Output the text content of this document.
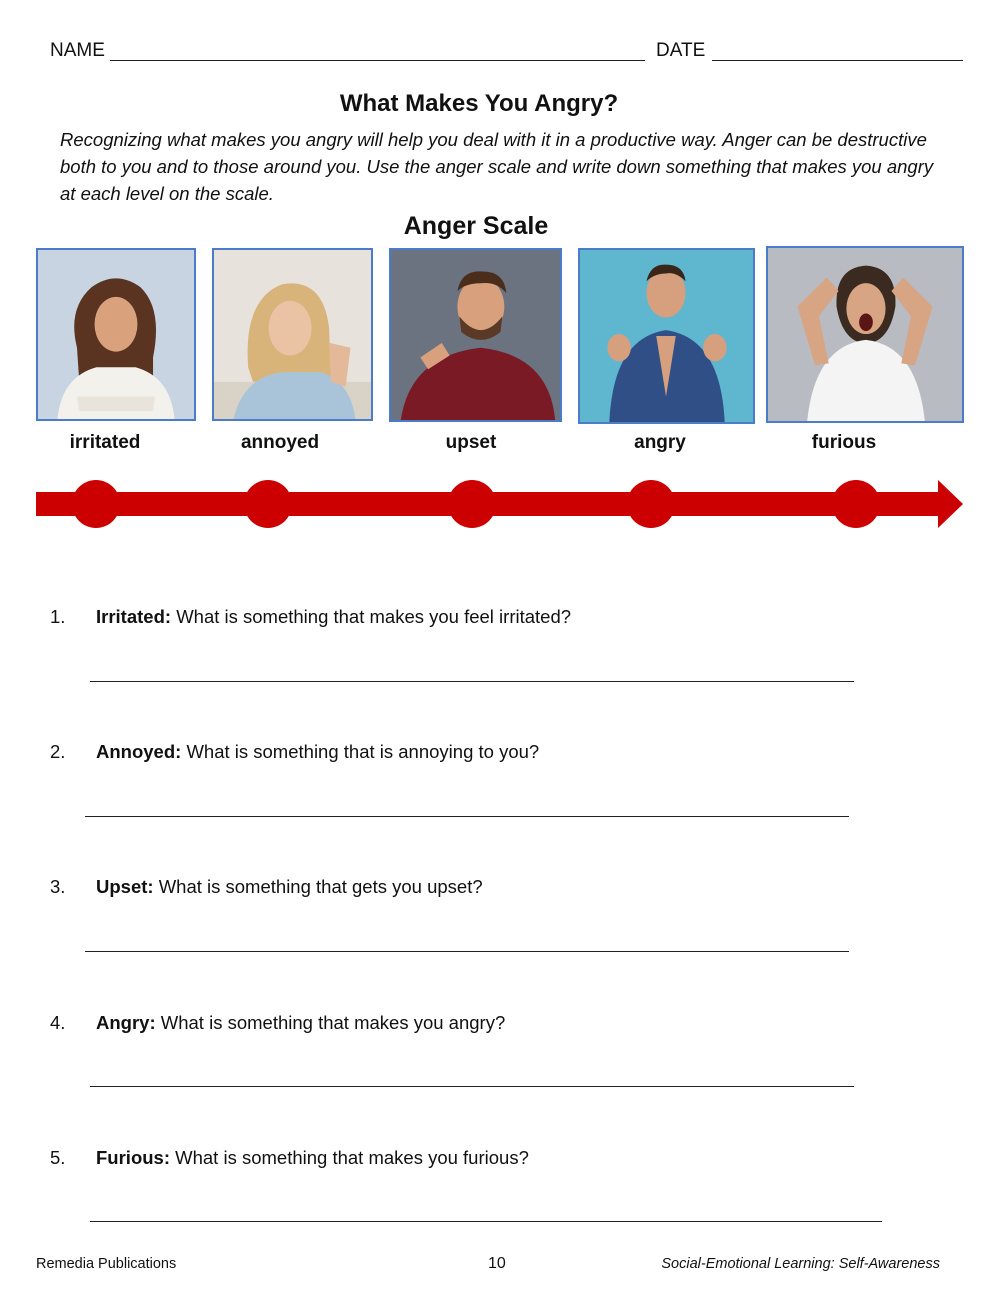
NAME	DATE
What Makes You Angry?
Recognizing what makes you angry will help you deal with it in a productive way. Anger can be destructive both to you and to those around you. Use the anger scale and write down something that makes you angry at each level on the scale.
Anger Scale
irritated	annoyed	upset	angry	furious
1.	Irritated: What is something that makes you feel irritated?
2.	Annoyed: What is something that is annoying to you?
3.	Upset: What is something that gets you upset?
4.	Angry: What is something that makes you angry?
5.	Furious: What is something that makes you furious?
Remedia Publications	10	Social-Emotional Learning: Self-Awareness
